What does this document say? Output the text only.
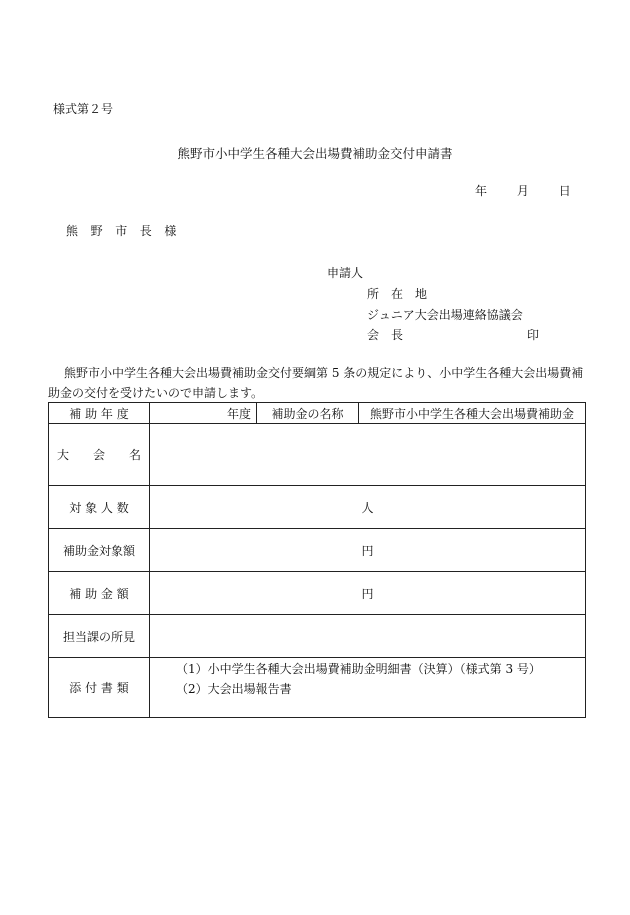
様式第２号
熊野市小中学生各種大会出場費補助金交付申請書
年 月 日
熊　野　市　長　様
申請人
所　在　地
ジュニア大会出場連絡協議会
会　長	印
熊野市小中学生各種大会出場費補助金交付要綱第 5 条の規定により、小中学生各種大会出場費補助金の交付を受けたいので申請します。
補 助 年 度	年度	補助金の名称	熊野市小中学生各種大会出場費補助金
大　　会　　名			
対 象 人 数	人		
補助金対象額	円		
補 助 金 額	円		
担当課の所見			
添 付 書 類	（1）小中学生各種大会出場費補助金明細書（決算）（様式第 3 号）
（2）大会出場報告書		
